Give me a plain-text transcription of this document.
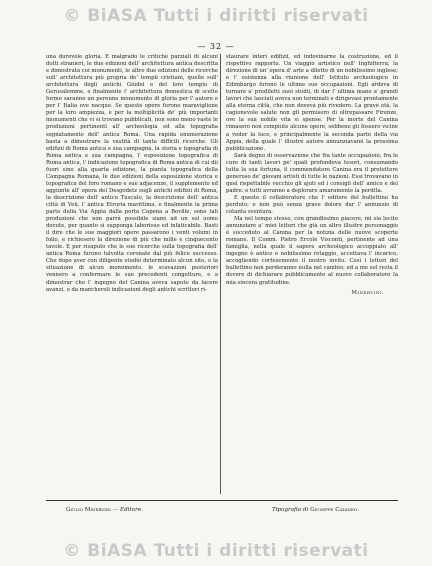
© BiASA Tutti i diritti riservati
— 32 —

una durevole gloria. E malgrado le critiche parziali di alcuni dotti stranieri, le due edizioni dell' architettura antica descritta e dimostrata coi monumenti, le altre due edizioni delle ricerche sull' architettura più propria de' tempii cristiani, quelle sull' architettura degli antichi Giudei e del loro tempio di Gerusalemme, e finalmente l' architettura domestica di scelte forme saranno un perenne monumento di gloria per l' autore e per l' Italia ove nacque. Se queste opere furono maraviglione per la loro ampiezza, e per la moltiplicità de' più importanti monumenti che vi si trovano pubblicati, non sono meno vaste le produzioni pertinenti all' archeologia ed alla topografia segnatamente dell' antica Roma. Una rapida enumerazione basta a dimostrare la vastità di tante difficili ricerche. Gli edifizii di Roma antica e sua campagna, la storia e topografia di Roma antica e sua campagna, l' esposizione topografica di Roma antica, l' indicazione topografica di Roma antica di cui dii fuori sino alla quarta edizione, la pianta topografica della Campagna Romana, le due edizioni della esposizione storica e topografica del foro romano e sue adjacenze, il supplemento ed aggiunte all' opera del Desgodetz sugli antichi edifizii di Roma, la descrizione dell' antico Tusculo, la descrizione dell' antica città di Veii, l' antica Etruria marittima, e finalmente la prima parte della Via Appia dalla porta Capena a Boville, sono tali produzioni che non parrà possibile siano ad un sol uomo dovute, per quanto si supponga laborioso ed infaticabile. Basti il dire che le sue maggiori opere passarono i venti volumi in folio, e richiesero la direzione di più che mille e cinquecento tavole. E per risaputo che le sue ricerche sulla topografia dell' antica Roma furono talvolta coronate dal più felice successo. Che dopo aver con diligente studio determinato alcun sito, o la situazione di alcun monumento, le scavazioni posteriori vennero a confermare le sue precedenti congetture, e a dimostrar che l' ingegno del Canina aveva saputo da lacere avanzi, o da mancheroli indicazioni degli antichi scrittori ri-

staurare interi edifizii, ed indovinarne la costruzione, ed il rispettivo rapporto. Un viaggio artistico nell' Inghilterra; la direzione di un' opera d' arte a diletto di un nobilissimo inglese; e l' esistenza alla riunione dell' Istituto archeologico in Edimburgo furono le ultime sue occupazioni. Egli ardeva di tornare a' prediletti suoi studii, di dar l' ultima mano a' grandi lavori che lasciati aveva non terminati e dirigevasi prontamente alla eterna città, che non doveva più rivedere. La grave età, la cagionevole salute non gli permisero di oltrepassare Firenze, ove la sua nobile vita si spense. Per la morte del Canina rimasero non compiute alcune opere, sebbene gli fossero vicine a veder la luce, e principalmente la seconda parte della via Appia, della quale l' illustre autore annunziavami la prossima pubblicazione.

Sarà degno di osservazione che fra tante occupazioni, fra le cure di tanti lavori pe' quali profondeva tesori, consumando tutta la sua fortuna, il commendatore Canina era il protettore generoso de' giovani artisti di tutte le nazioni. Essi trovavano in quel rispettabile vecchio gli ajuti ed i consigli dell' amico e del padre: e tutti avranno a deplorare amaramente la perdita.

E questo il collaboratore che l' editore del bullettino ha perduto; e non può senza grave dolore dar l' annunzio di cotanta sventura.

Ma nel tempo stesso, con grandissimo piacere, mi sia lecito annunziare a' miei lettori che già un altro illustre personaggio è succeduto al Canina per la notizia delle nuove scoperte romane. Il Comm. Pietro Ercole Visconti, pertinente ad una famiglia, nella quale il sapere archeologico accoppiato all' ingegno è antico e nobilissimo retaggio, accettava l' incarico, accogliendo cortesemente il nostro invito. Così i lettori del bullettino non perderanno nulla nel cambio; ed a me sol resta il dovere di dichiarare pubblicamente al nuovo collaboratore la mia sincera gratitudine.

Minervini.
Giulio Minervini — Editore.	Tipografia di Giuseppe Cataneo.
© BiASA Tutti i diritti riservati
